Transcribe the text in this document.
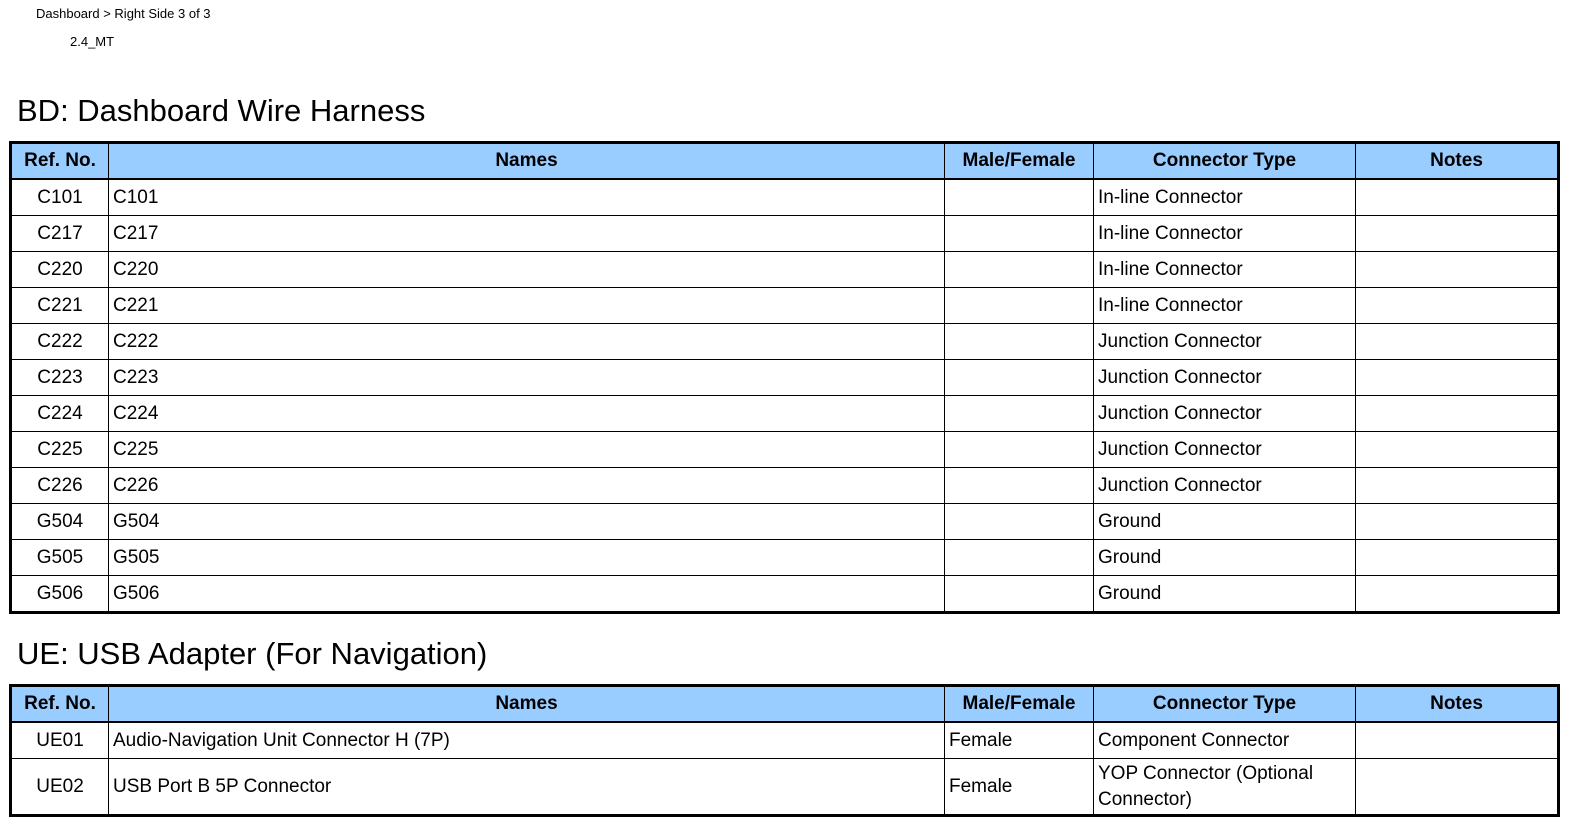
Dashboard > Right Side 3 of 3
2.4_MT
BD: Dashboard Wire Harness
Ref. No.	Names	Male/Female	Connector Type	Notes
C101	C101		In-line Connector	
C217	C217		In-line Connector	
C220	C220		In-line Connector	
C221	C221		In-line Connector	
C222	C222		Junction Connector	
C223	C223		Junction Connector	
C224	C224		Junction Connector	
C225	C225		Junction Connector	
C226	C226		Junction Connector	
G504	G504		Ground	
G505	G505		Ground	
G506	G506		Ground	
UE: USB Adapter (For Navigation)
Ref. No.	Names	Male/Female	Connector Type	Notes
UE01	Audio-Navigation Unit Connector H (7P)	Female	Component Connector	
UE02	USB Port B 5P Connector	Female	YOP Connector (Optional Connector)	
